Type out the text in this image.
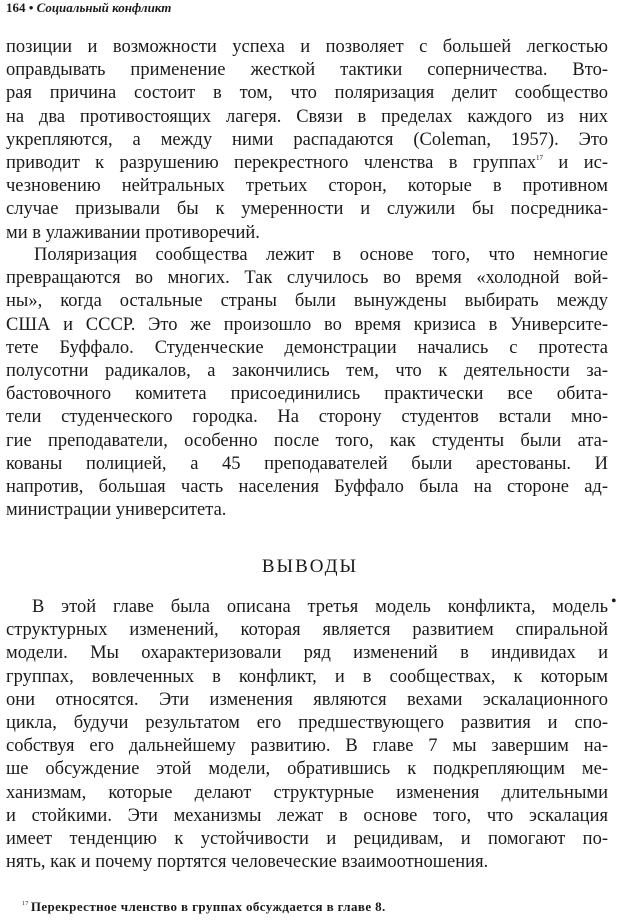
164 • Социальный конфликт
позиции и возможности успеха и позволяет с большей легкостью
оправдывать применение жесткой тактики соперничества. Вто-
рая причина состоит в том, что поляризация делит сообщество
на два противостоящих лагеря. Связи в пределах каждого из них
укрепляются, а между ними распадаются (Coleman, 1957). Это
приводит к разрушению перекрестного членства в группах$^{17}$ и ис-
чезновению нейтральных третьих сторон, которые в противном
случае призывали бы к умеренности и служили бы посредника-
ми в улаживании противоречий.
Поляризация сообщества лежит в основе того, что немногие
превращаются во многих. Так случилось во время «холодной вой-
ны», когда остальные страны были вынуждены выбирать между
США и СССР. Это же произошло во время кризиса в Университе-
тете Буффало. Студенческие демонстрации начались с протеста
полусотни радикалов, а закончились тем, что к деятельности за-
бастовочного комитета присоединились практически все обита-
тели студенческого городка. На сторону студентов встали мно-
гие преподаватели, особенно после того, как студенты были ата-
кованы полицией, а 45 преподавателей были арестованы. И
напротив, большая часть населения Буффало была на стороне ад-
министрации университета.
ВЫВОДЫ
•
В этой главе была описана третья модель конфликта, модель
структурных изменений, которая является развитием спиральной
модели. Мы охарактеризовали ряд изменений в индивидах и
группах, вовлеченных в конфликт, и в сообществах, к которым
они относятся. Эти изменения являются вехами эскалационного
цикла, будучи результатом его предшествующего развития и спо-
собствуя его дальнейшему развитию. В главе 7 мы завершим на-
ше обсуждение этой модели, обратившись к подкрепляющим ме-
ханизмам, которые делают структурные изменения длительными
и стойкими. Эти механизмы лежат в основе того, что эскалация
имеет тенденцию к устойчивости и рецидивам, и помогают по-
нять, как и почему портятся человеческие взаимоотношения.
$^{17}$ Перекрестное членство в группах обсуждается в главе 8.
